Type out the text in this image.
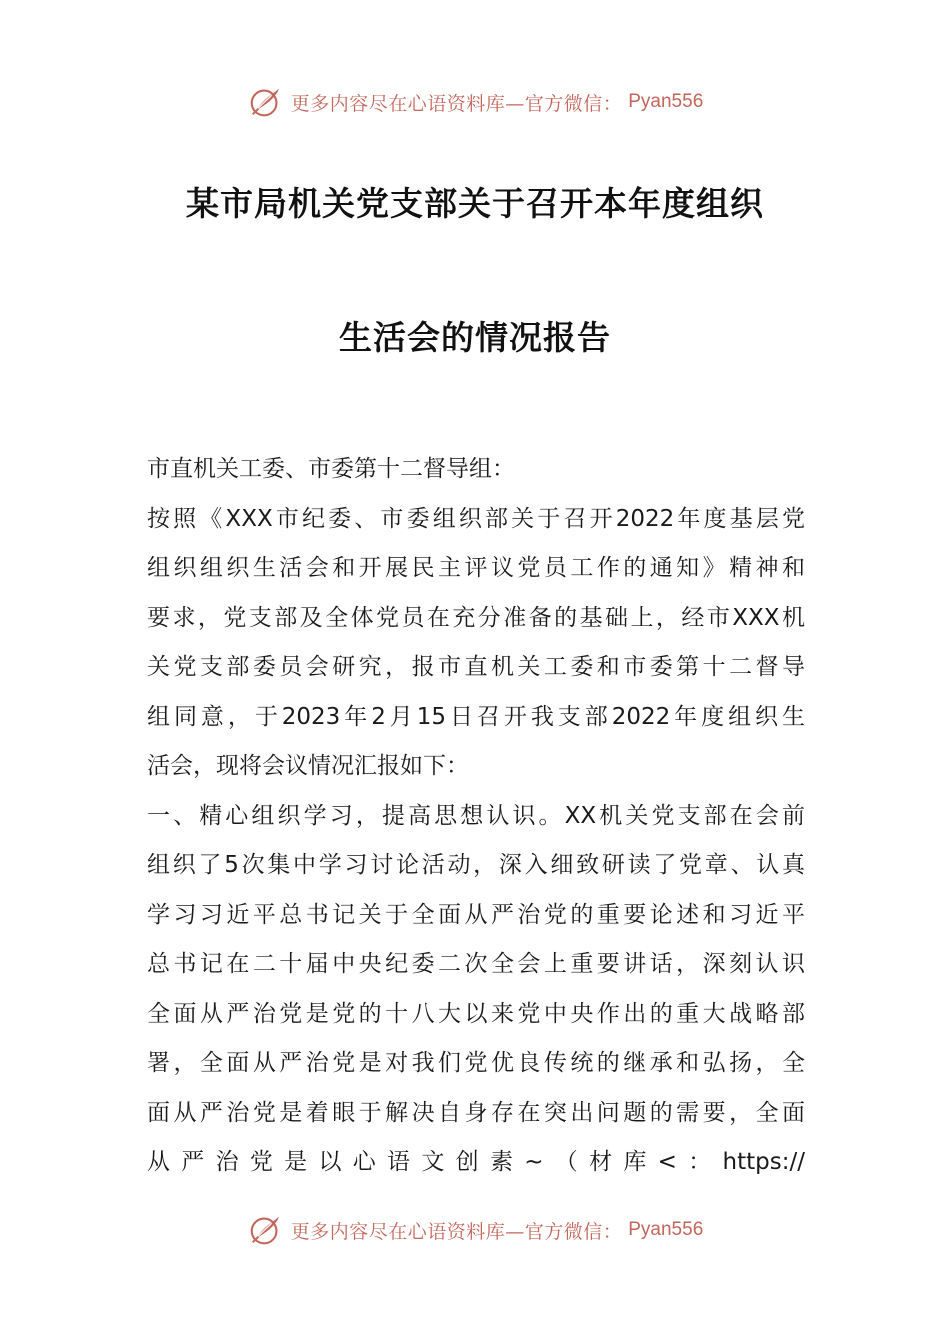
更多内容尽在心语资料库—官方微信： Pyan556
某市局机关党支部关于召开本年度组织
生活会的情况报告
市直机关工委、市委第十二督导组：
按照《XXX市纪委、市委组织部关于召开2022年度基层党
组织组织生活会和开展民主评议党员工作的通知》精神和
要求，党支部及全体党员在充分准备的基础上，经市XXX机
关党支部委员会研究，报市直机关工委和市委第十二督导
组同意，于2023年2月15日召开我支部2022年度组织生
活会，现将会议情况汇报如下：
一、精心组织学习，提高思想认识。XX机关党支部在会前
组织了5次集中学习讨论活动，深入细致研读了党章、认真
学习习近平总书记关于全面从严治党的重要论述和习近平
总书记在二十届中央纪委二次全会上重要讲话，深刻认识
全面从严治党是党的十八大以来党中央作出的重大战略部
署，全面从严治党是对我们党优良传统的继承和弘扬，全
面从严治党是着眼于解决自身存在突出问题的需要，全面
从严治党是以心语文创素~（材库<：https://
更多内容尽在心语资料库—官方微信： Pyan556
